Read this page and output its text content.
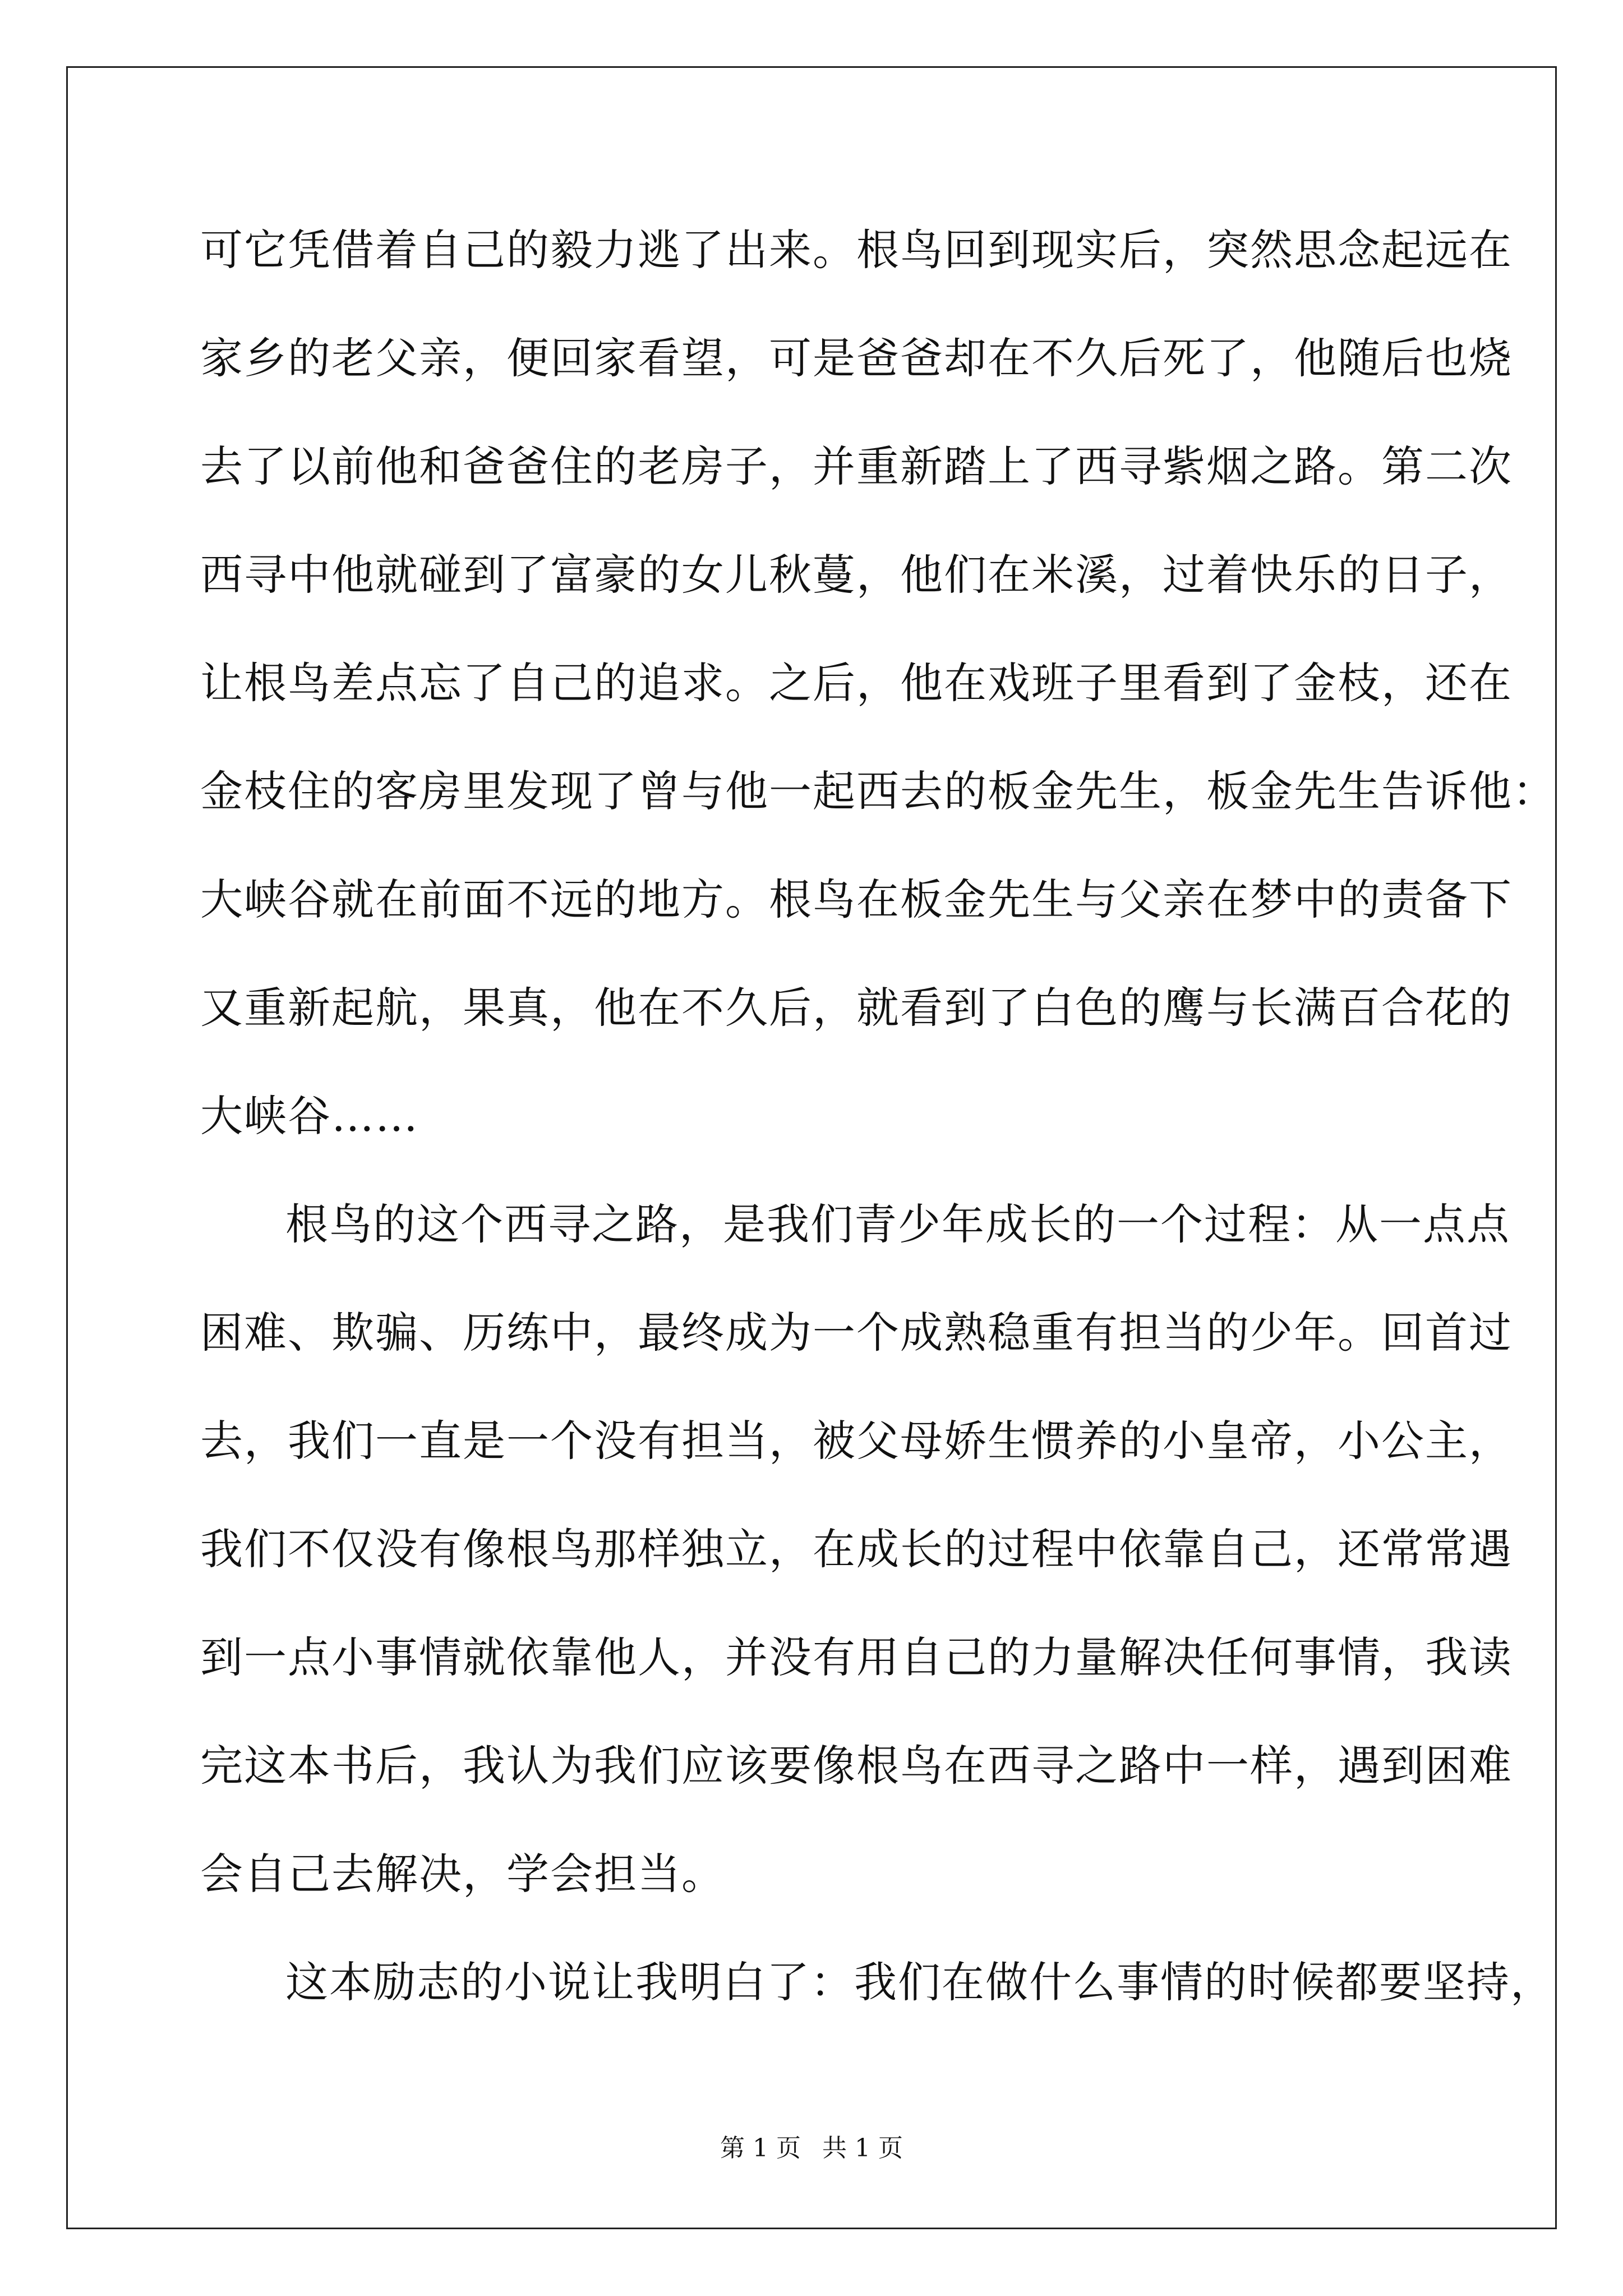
可它凭借着自己的毅力逃了出来。根鸟回到现实后，突然思念起远在
家乡的老父亲，便回家看望，可是爸爸却在不久后死了，他随后也烧
去了以前他和爸爸住的老房子，并重新踏上了西寻紫烟之路。第二次
西寻中他就碰到了富豪的女儿秋蔓，他们在米溪，过着快乐的日子，
让根鸟差点忘了自己的追求。之后，他在戏班子里看到了金枝，还在
金枝住的客房里发现了曾与他一起西去的板金先生，板金先生告诉他：
大峡谷就在前面不远的地方。根鸟在板金先生与父亲在梦中的责备下
又重新起航，果真，他在不久后，就看到了白色的鹰与长满百合花的
大峡谷……
根鸟的这个西寻之路，是我们青少年成长的一个过程：从一点点
困难、欺骗、历练中，最终成为一个成熟稳重有担当的少年。回首过
去，我们一直是一个没有担当，被父母娇生惯养的小皇帝，小公主，
我们不仅没有像根鸟那样独立，在成长的过程中依靠自己，还常常遇
到一点小事情就依靠他人，并没有用自己的力量解决任何事情，我读
完这本书后，我认为我们应该要像根鸟在西寻之路中一样，遇到困难
会自己去解决，学会担当。
这本励志的小说让我明白了：我们在做什么事情的时候都要坚持，
第 1 页 共 1 页
